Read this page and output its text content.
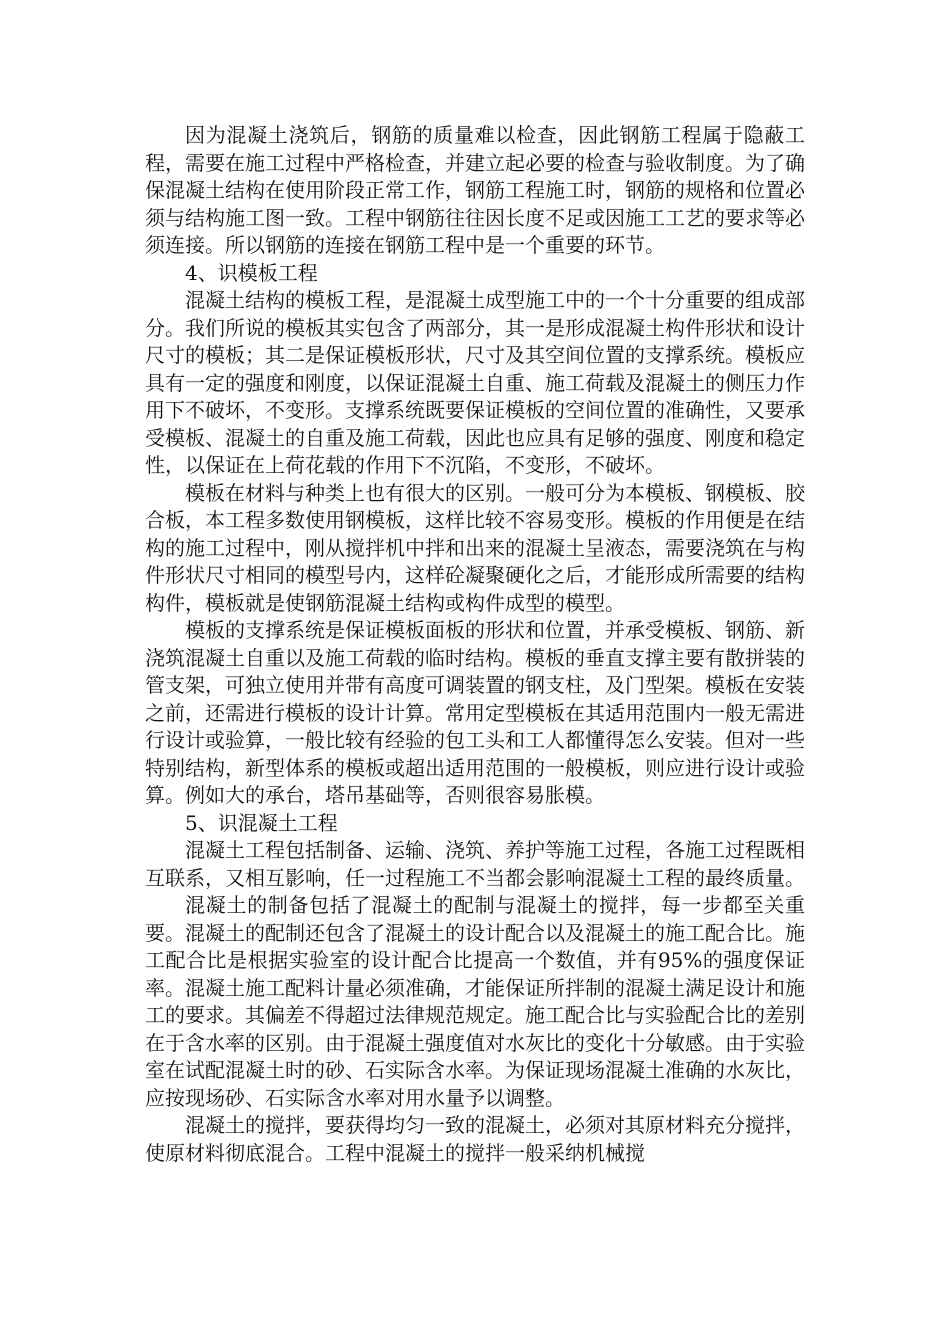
因为混凝土浇筑后，钢筋的质量难以检查，因此钢筋工程属于隐蔽工程，需要在施工过程中严格检查，并建立起必要的检查与验收制度。为了确保混凝土结构在使用阶段正常工作，钢筋工程施工时，钢筋的规格和位置必须与结构施工图一致。工程中钢筋往往因长度不足或因施工工艺的要求等必须连接。所以钢筋的连接在钢筋工程中是一个重要的环节。

4、识模板工程

混凝土结构的模板工程，是混凝土成型施工中的一个十分重要的组成部分。我们所说的模板其实包含了两部分，其一是形成混凝土构件形状和设计尺寸的模板；其二是保证模板形状，尺寸及其空间位置的支撑系统。模板应具有一定的强度和刚度，以保证混凝土自重、施工荷载及混凝土的侧压力作用下不破坏，不变形。支撑系统既要保证模板的空间位置的准确性，又要承受模板、混凝土的自重及施工荷载，因此也应具有足够的强度、刚度和稳定性，以保证在上荷花载的作用下不沉陷，不变形，不破坏。

模板在材料与种类上也有很大的区别。一般可分为本模板、钢模板、胶合板，本工程多数使用钢模板，这样比较不容易变形。模板的作用便是在结构的施工过程中，刚从搅拌机中拌和出来的混凝土呈液态，需要浇筑在与构件形状尺寸相同的模型号内，这样砼凝聚硬化之后，才能形成所需要的结构构件，模板就是使钢筋混凝土结构或构件成型的模型。

模板的支撑系统是保证模板面板的形状和位置，并承受模板、钢筋、新浇筑混凝土自重以及施工荷载的临时结构。模板的垂直支撑主要有散拼装的管支架，可独立使用并带有高度可调装置的钢支柱，及门型架。模板在安装之前，还需进行模板的设计计算。常用定型模板在其适用范围内一般无需进行设计或验算，一般比较有经验的包工头和工人都懂得怎么安装。但对一些特别结构，新型体系的模板或超出适用范围的一般模板，则应进行设计或验算。例如大的承台，塔吊基础等，否则很容易胀模。

5、识混凝土工程

混凝土工程包括制备、运输、浇筑、养护等施工过程，各施工过程既相互联系，又相互影响，任一过程施工不当都会影响混凝土工程的最终质量。

混凝土的制备包括了混凝土的配制与混凝土的搅拌，每一步都至关重要。混凝土的配制还包含了混凝土的设计配合以及混凝土的施工配合比。施工配合比是根据实验室的设计配合比提高一个数值，并有95%的强度保证率。混凝土施工配料计量必须准确，才能保证所拌制的混凝土满足设计和施工的要求。其偏差不得超过法律规范规定。施工配合比与实验配合比的差别在于含水率的区别。由于混凝土强度值对水灰比的变化十分敏感。由于实验室在试配混凝土时的砂、石实际含水率。为保证现场混凝土准确的水灰比，应按现场砂、石实际含水率对用水量予以调整。

混凝土的搅拌，要获得均匀一致的混凝土，必须对其原材料充分搅拌，使原材料彻底混合。工程中混凝土的搅拌一般采纳机械搅
